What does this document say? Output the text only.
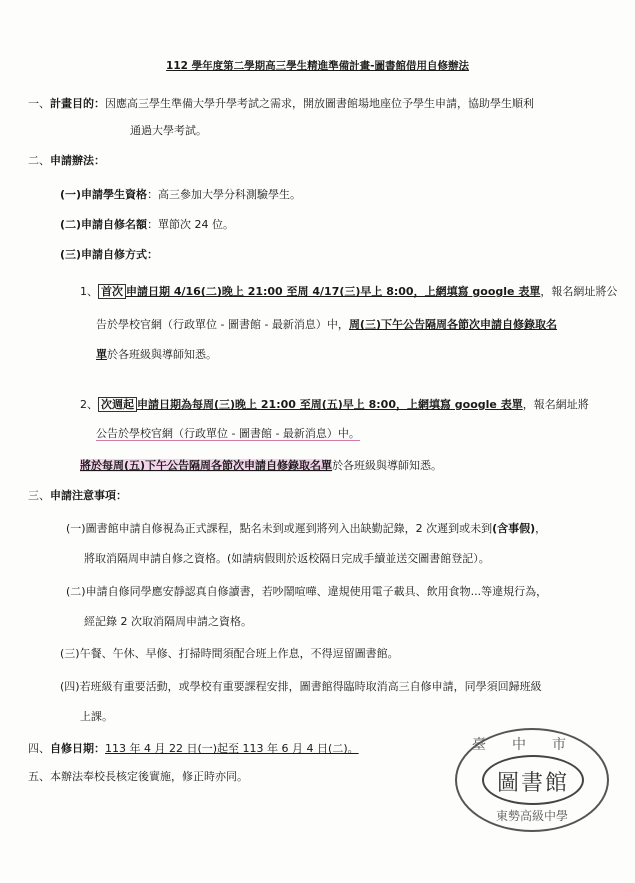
112 學年度第二學期高三學生精進準備計畫-圖書館借用自修辦法
一、計畫目的：因應高三學生準備大學升學考試之需求，開放圖書館場地座位予學生申請，協助學生順利
通過大學考試。
二、申請辦法：
(一)申請學生資格：高三參加大學分科測驗學生。
(二)申請自修名額：單節次 24 位。
(三)申請自修方式：
1、 首次 申請日期 4/16(二)晚上 21:00 至周 4/17(三)早上 8:00，上網填寫 google 表單，報名網址將公
告於學校官網（行政單位 - 圖書館 - 最新消息）中，周(三)下午公告隔周各節次申請自修錄取名
單於各班級與導師知悉。
2、 次週起 申請日期為每周(三)晚上 21:00 至周(五)早上 8:00，上網填寫 google 表單，報名網址將
公告於學校官網（行政單位 - 圖書館 - 最新消息）中。
將於每周(五)下午公告隔周各節次申請自修錄取名單於各班級與導師知悉。
三、申請注意事項：
(一)圖書館申請自修視為正式課程，點名未到或遲到將列入出缺勤記錄，2 次遲到或未到(含事假)，
將取消隔周申請自修之資格。(如請病假則於返校隔日完成手續並送交圖書館登記）。
(二)申請自修同學應安靜認真自修讀書，若吵鬧喧嘩、違規使用電子載具、飲用食物...等違規行為，
經記錄 2 次取消隔周申請之資格。
(三)午餐、午休、早修、打掃時間須配合班上作息，不得逗留圖書館。
(四)若班級有重要活動，或學校有重要課程安排，圖書館得臨時取消高三自修申請，同學須回歸班級
上課。
四、自修日期：113 年 4 月 22 日(一)起至 113 年 6 月 4 日(二)。
五、本辦法奉校長核定後實施，修正時亦同。
臺中市
圖書館
東勢高級中學
